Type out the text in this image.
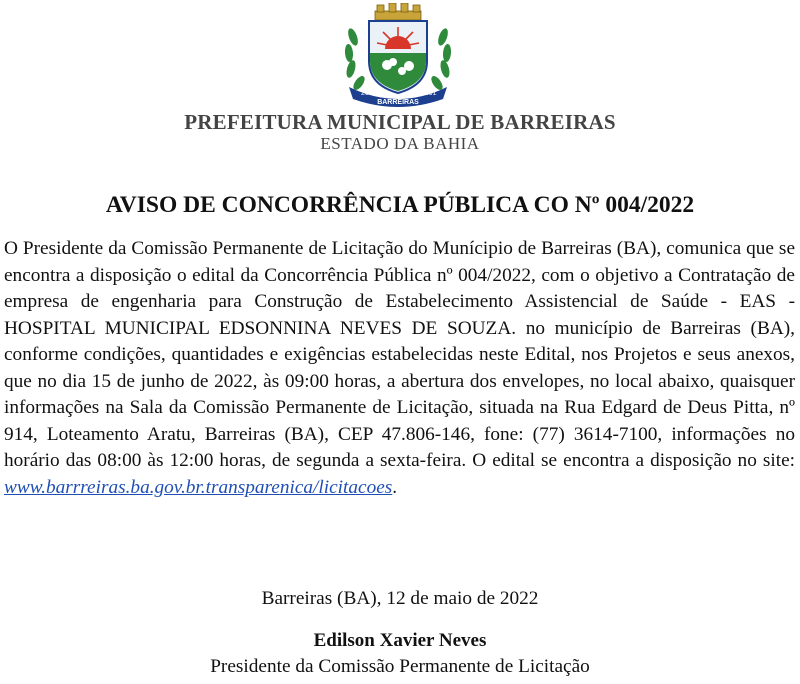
26/05	1891
BARREIRAS
PREFEITURA MUNICIPAL DE BARREIRAS
ESTADO DA BAHIA
AVISO DE CONCORRÊNCIA PÚBLICA CO Nº 004/2022

O Presidente da Comissão Permanente de Licitação do Munícipio de Barreiras (BA), comunica que se encontra a disposição o edital da Concorrência Pública nº 004/2022, com o objetivo a Contratação de empresa de engenharia para Construção de Estabelecimento Assistencial de Saúde - EAS - HOSPITAL MUNICIPAL EDSONNINA NEVES DE SOUZA. no município de Barreiras (BA), conforme condições, quantidades e exigências estabelecidas neste Edital, nos Projetos e seus anexos, que no dia 15 de junho de 2022, às 09:00 horas, a abertura dos envelopes, no local abaixo, quaisquer informações na Sala da Comissão Permanente de Licitação, situada na Rua Edgard de Deus Pitta, nº 914, Loteamento Aratu, Barreiras (BA), CEP 47.806-146, fone: (77) 3614-7100, informações no horário das 08:00 às 12:00 horas, de segunda a sexta-feira. O edital se encontra a disposição no site: www.barrreiras.ba.gov.br.transparenica/licitacoes.

Barreiras (BA), 12 de maio de 2022
Edilson Xavier Neves
Presidente da Comissão Permanente de Licitação
